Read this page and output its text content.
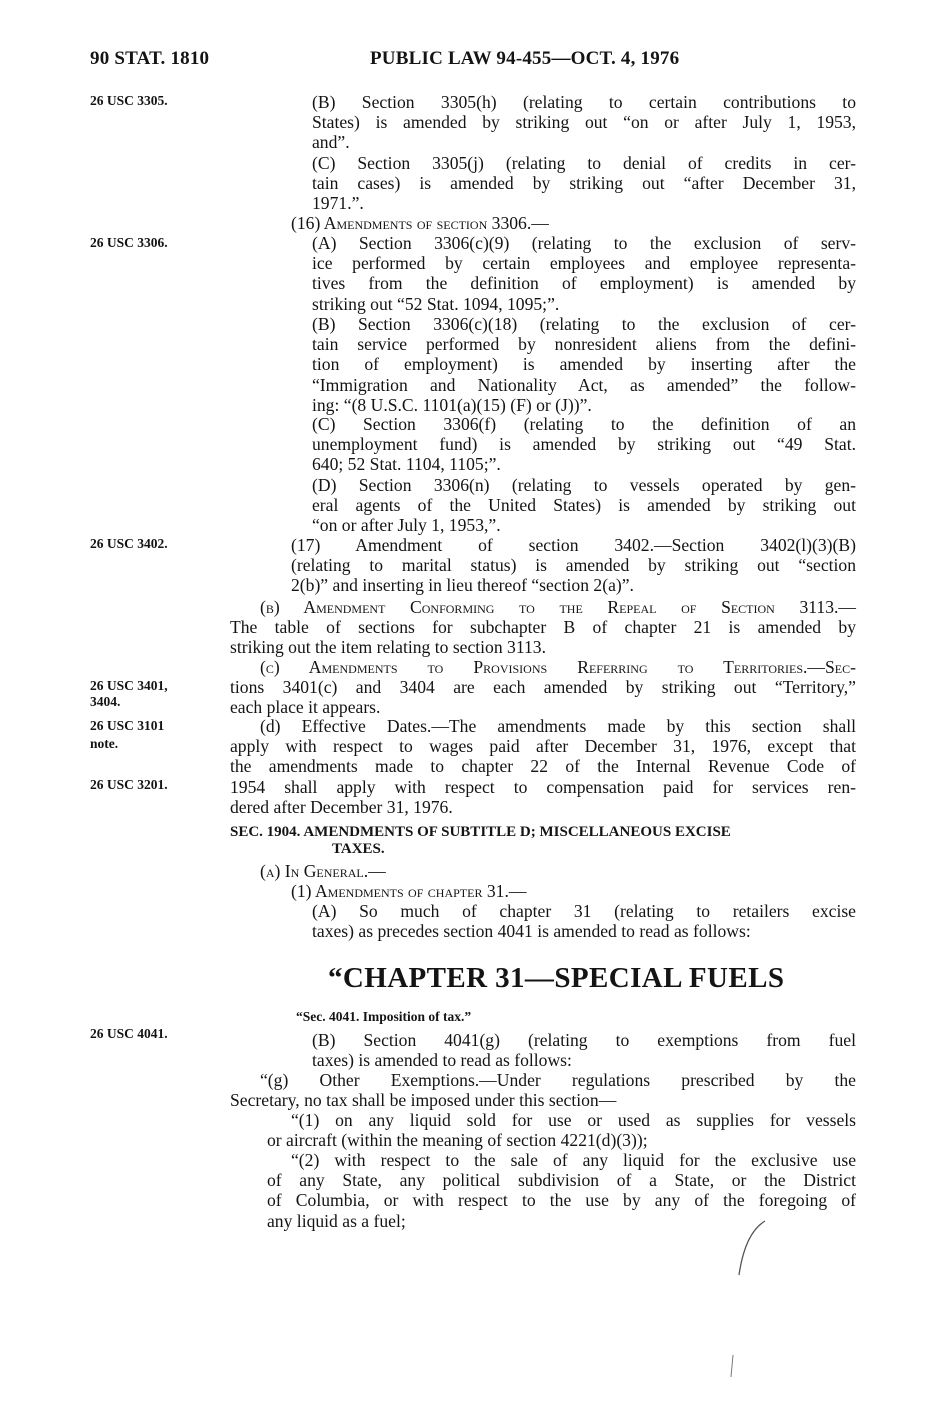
90 STAT. 1810	PUBLIC LAW 94-455—OCT. 4, 1976
26 USC 3305.
26 USC 3306.
26 USC 3402.
26 USC 3401,
3404.
26 USC 3101
note.
26 USC 3201.
26 USC 4041.
(B) Section 3305(h) (relating to certain contributions to
States) is amended by striking out “on or after July 1, 1953,
and”.
(C) Section 3305(j) (relating to denial of credits in cer-
tain cases) is amended by striking out “after December 31,
1971.”.
(16) Amendments of section 3306.—
(A) Section 3306(c)(9) (relating to the exclusion of serv-
ice performed by certain employees and employee representa-
tives from the definition of employment) is amended by
striking out “52 Stat. 1094, 1095;”.
(B) Section 3306(c)(18) (relating to the exclusion of cer-
tain service performed by nonresident aliens from the defini-
tion of employment) is amended by inserting after the
“Immigration and Nationality Act, as amended” the follow-
ing: “(8 U.S.C. 1101(a)(15) (F) or (J))”.
(C) Section 3306(f) (relating to the definition of an
unemployment fund) is amended by striking out “49 Stat.
640; 52 Stat. 1104, 1105;”.
(D) Section 3306(n) (relating to vessels operated by gen-
eral agents of the United States) is amended by striking out
“on or after July 1, 1953,”.
(17) Amendment of section 3402.—Section 3402(l)(3)(B)
(relating to marital status) is amended by striking out “section
2(b)” and inserting in lieu thereof “section 2(a)”.
(b) Amendment Conforming to the Repeal of Section 3113.—
The table of sections for subchapter B of chapter 21 is amended by
striking out the item relating to section 3113.
(c) Amendments to Provisions Referring to Territories.—Sec-
tions 3401(c) and 3404 are each amended by striking out “Territory,”
each place it appears.
(d) Effective Dates.—The amendments made by this section shall
apply with respect to wages paid after December 31, 1976, except that
the amendments made to chapter 22 of the Internal Revenue Code of
1954 shall apply with respect to compensation paid for services ren-
dered after December 31, 1976.
SEC. 1904. AMENDMENTS OF SUBTITLE D; MISCELLANEOUS EXCISE
TAXES.
(a) In General.—
(1) Amendments of chapter 31.—
(A) So much of chapter 31 (relating to retailers excise
taxes) as precedes section 4041 is amended to read as follows:
“CHAPTER 31—SPECIAL FUELS
“Sec. 4041. Imposition of tax.”
(B) Section 4041(g) (relating to exemptions from fuel
taxes) is amended to read as follows:
“(g) Other Exemptions.—Under regulations prescribed by the
Secretary, no tax shall be imposed under this section—
“(1) on any liquid sold for use or used as supplies for vessels
or aircraft (within the meaning of section 4221(d)(3));
“(2) with respect to the sale of any liquid for the exclusive use
of any State, any political subdivision of a State, or the District
of Columbia, or with respect to the use by any of the foregoing of
any liquid as a fuel;
